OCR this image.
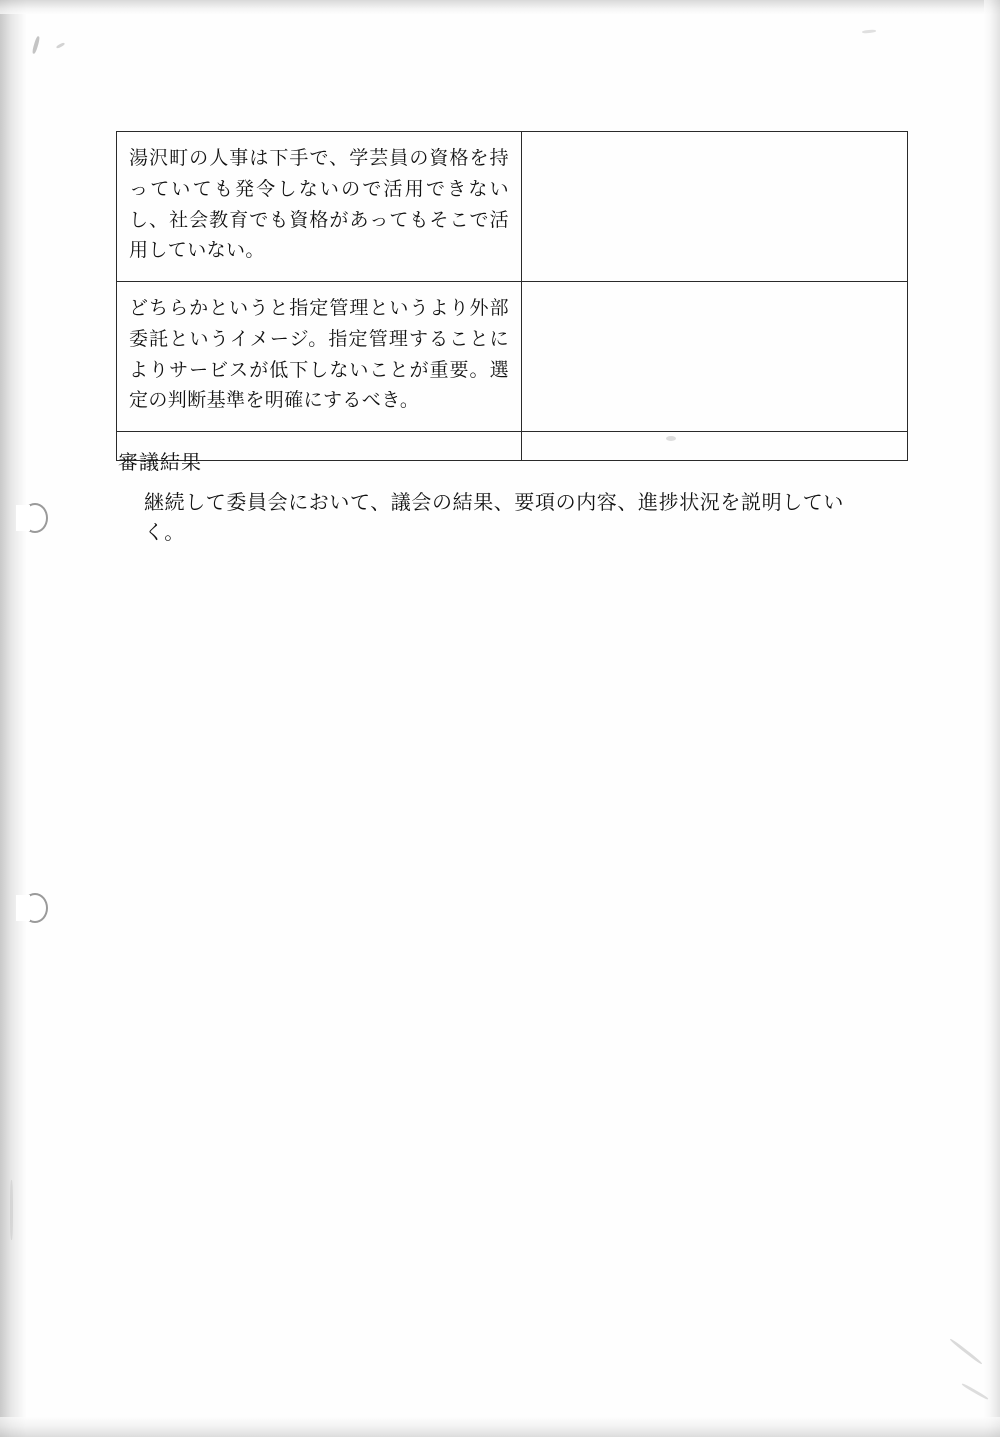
湯沢町の人事は下手で、学芸員の資格を持っていても発令しないので活用できないし、社会教育でも資格があってもそこで活用していない。	

どちらかというと指定管理というより外部委託というイメージ。指定管理することによりサービスが低下しないことが重要。選定の判断基準を明確にするべき。	

審議結果
継続して委員会において、議会の結果、要項の内容、進捗状況を説明していく。
